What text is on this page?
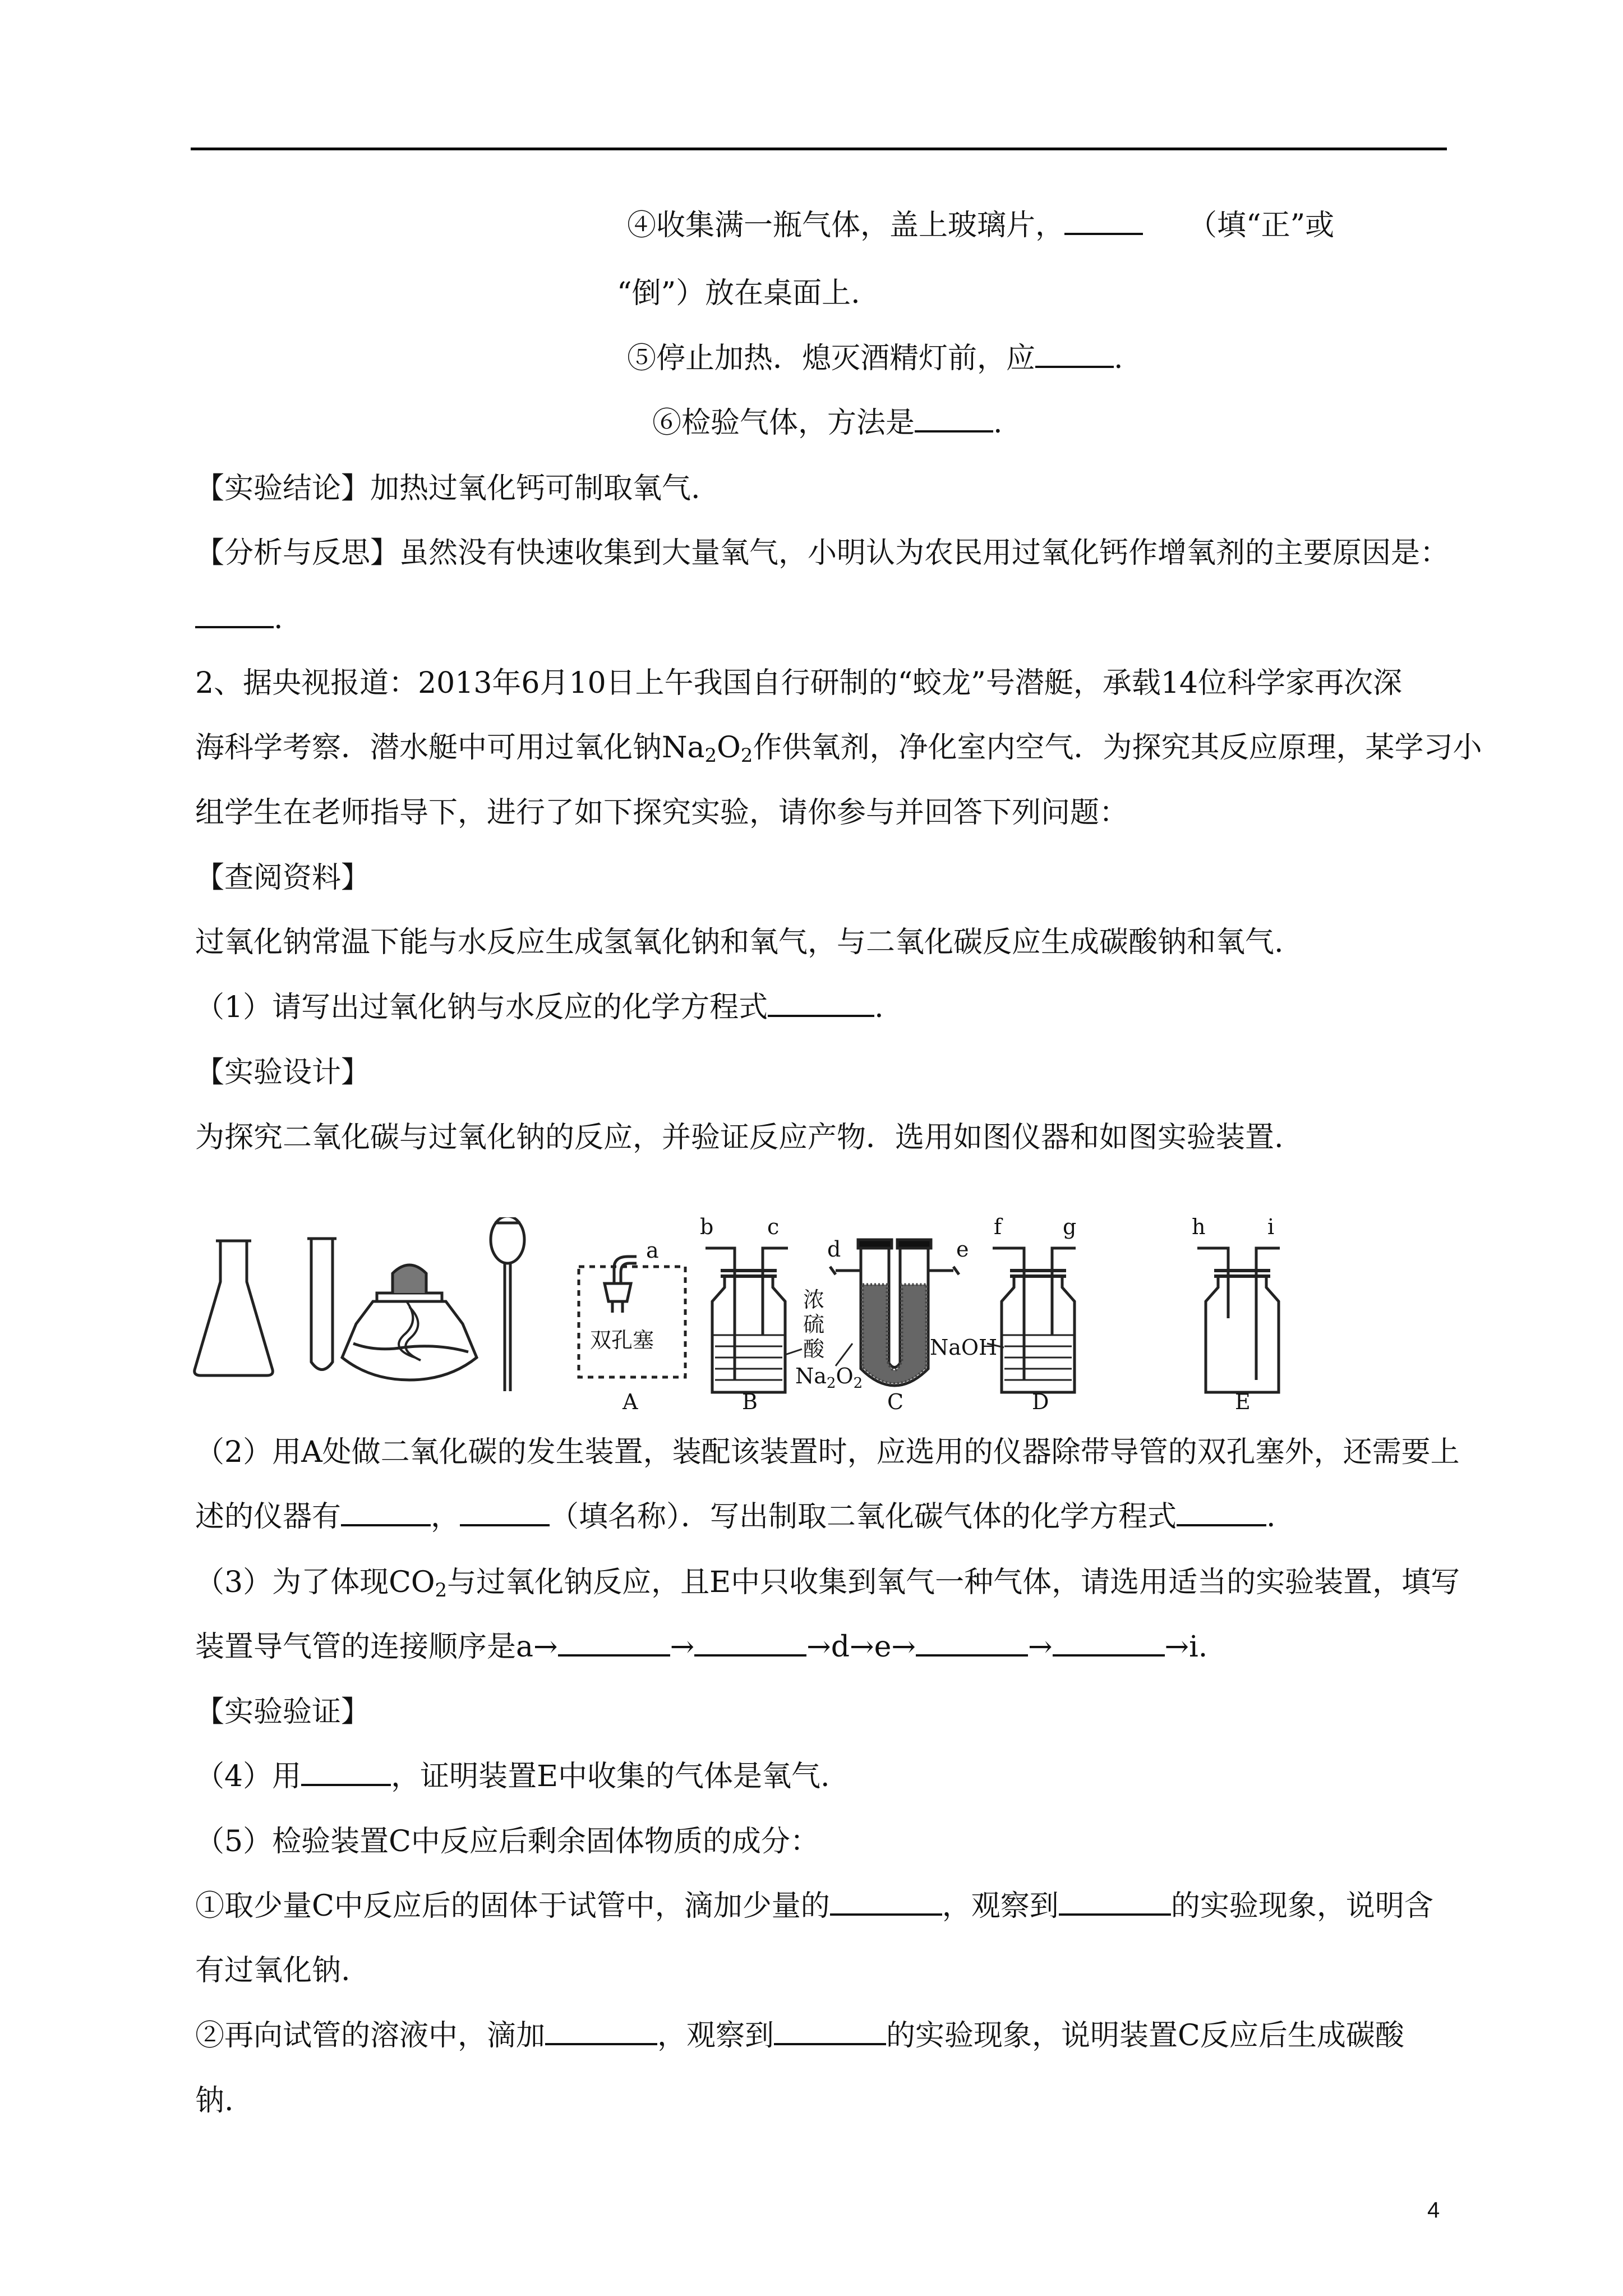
④收集满一瓶气体，盖上玻璃片，	（填“正”或
“倒”）放在桌面上.
⑤停止加热．熄灭酒精灯前，应	.
⑥检验气体，方法是	.
【实验结论】加热过氧化钙可制取氧气.
【分析与反思】虽然没有快速收集到大量氧气，小明认为农民用过氧化钙作增氧剂的主要原因是：
.
2、据央视报道：2013年6月10日上午我国自行研制的“蛟龙”号潜艇，承载14位科学家再次深
海科学考察．潜水艇中可用过氧化钠$Na_2O_2$作供氧剂，净化室内空气．为探究其反应原理，某学习小
组学生在老师指导下，进行了如下探究实验，请你参与并回答下列问题：
【查阅资料】
过氧化钠常温下能与水反应生成氢氧化钠和氧气，与二氧化碳反应生成碳酸钠和氧气.
（1）请写出过氧化钠与水反应的化学方程式	.
【实验设计】
为探究二氧化碳与过氧化钠的反应，并验证反应产物．选用如图仪器和如图实验装置.
a
双孔塞
A
b	c
d	e
f	g	h	i
浓
硫
酸
$Na_2O_2$
NaOH
B	C	D	E
（2）用A处做二氧化碳的发生装置，装配该装置时，应选用的仪器除带导管的双孔塞外，还需要上
述的仪器有	，	（填名称）．写出制取二氧化碳气体的化学方程式	.
（3）为了体现$CO_2$与过氧化钠反应，且E中只收集到氧气一种气体，请选用适当的实验装置，填写
装置导气管的连接顺序是a→	→	→d→e→	→	→i.
【实验验证】
（4）用	，证明装置E中收集的气体是氧气.
（5）检验装置C中反应后剩余固体物质的成分：
①取少量C中反应后的固体于试管中，滴加少量的	，观察到	的实验现象，说明含
有过氧化钠.
②再向试管的溶液中，滴加	，观察到	的实验现象，说明装置C反应后生成碳酸
钠.
4
